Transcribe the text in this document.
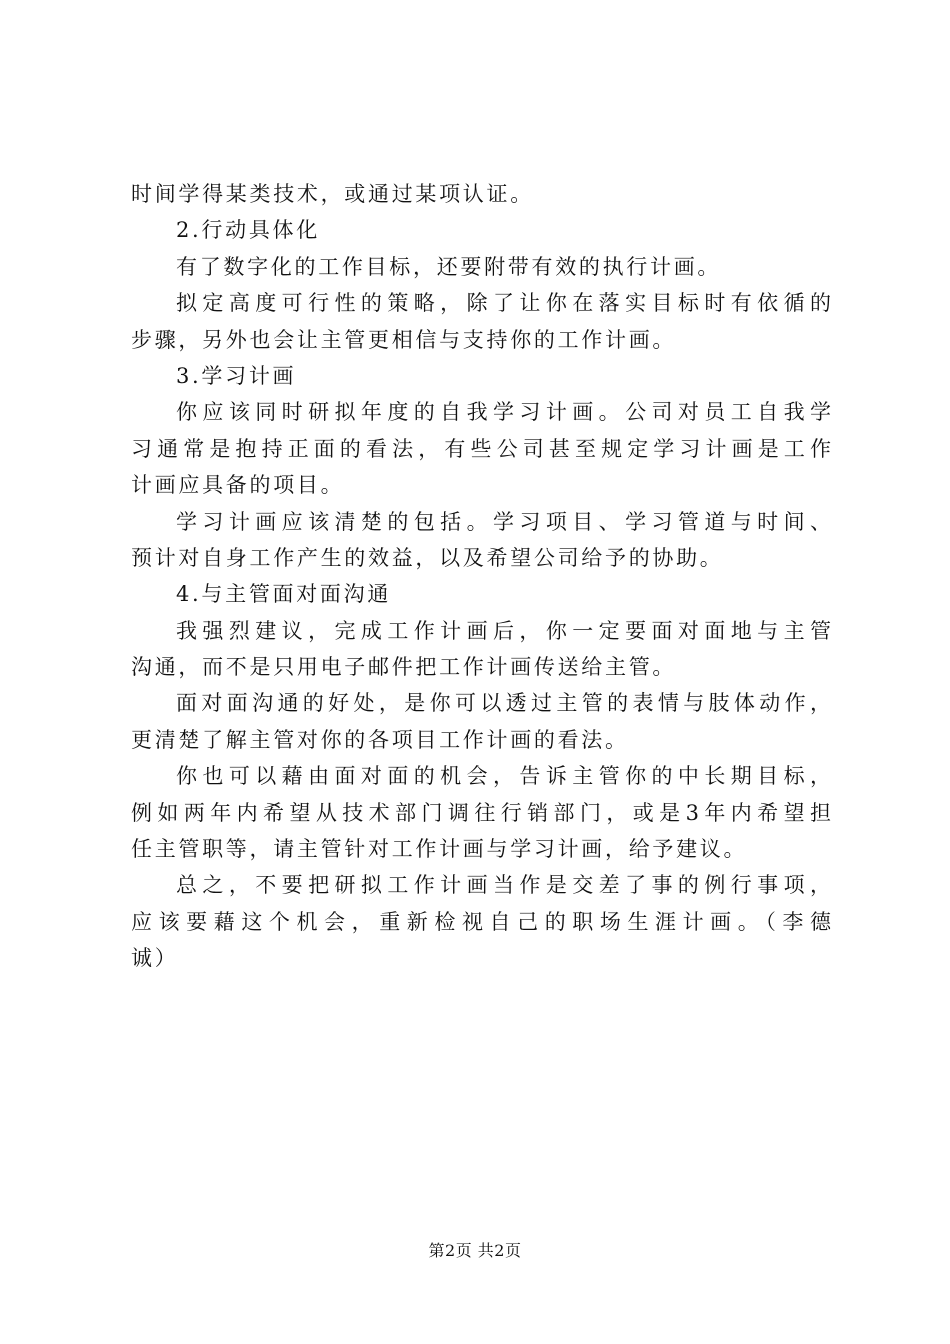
时间学得某类技术，或通过某项认证。
2.行动具体化
有了数字化的工作目标，还要附带有效的执行计画。
拟定高度可行性的策略，除了让你在落实目标时有依循的
步骤，另外也会让主管更相信与支持你的工作计画。
3.学习计画
你应该同时研拟年度的自我学习计画。公司对员工自我学
习通常是抱持正面的看法，有些公司甚至规定学习计画是工作
计画应具备的项目。
学习计画应该清楚的包括。学习项目、学习管道与时间、
预计对自身工作产生的效益，以及希望公司给予的协助。
4.与主管面对面沟通
我强烈建议，完成工作计画后，你一定要面对面地与主管
沟通，而不是只用电子邮件把工作计画传送给主管。
面对面沟通的好处，是你可以透过主管的表情与肢体动作，
更清楚了解主管对你的各项目工作计画的看法。
你也可以藉由面对面的机会，告诉主管你的中长期目标，
例如两年内希望从技术部门调往行销部门，或是3年内希望担
任主管职等，请主管针对工作计画与学习计画，给予建议。
总之，不要把研拟工作计画当作是交差了事的例行事项，
应该要藉这个机会，重新检视自己的职场生涯计画。（李德
诚）
第2页 共2页
